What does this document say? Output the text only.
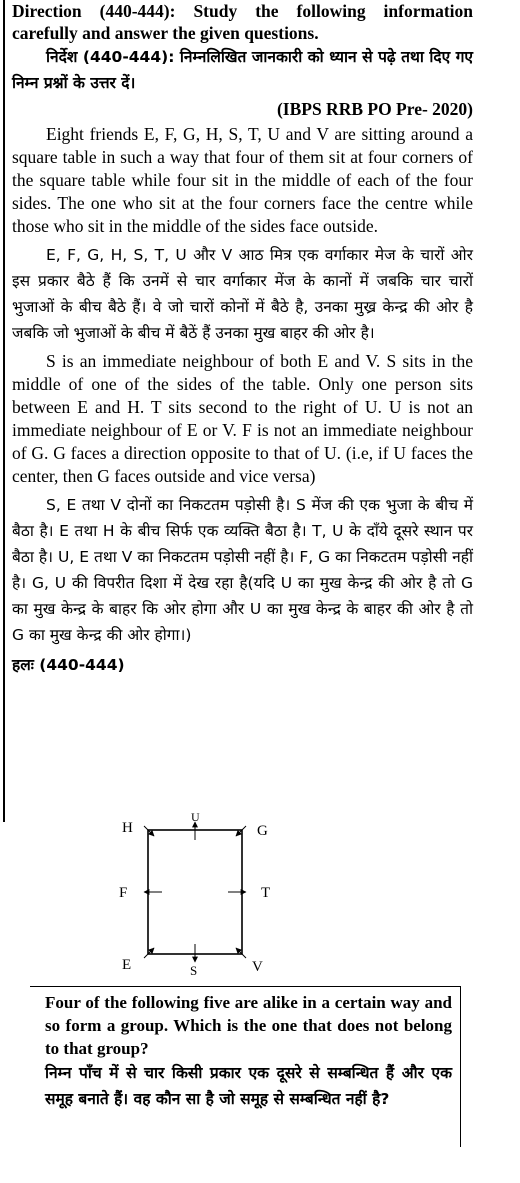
Direction (440-444): Study the following information carefully and answer the given questions.

निर्देश (440-444): निम्नलिखित जानकारी को ध्यान से पढ़े तथा दिए गए निम्न प्रश्नों के उत्तर दें।

(IBPS RRB PO Pre- 2020)

Eight friends E, F, G, H, S, T, U and V are sitting around a square table in such a way that four of them sit at four corners of the square table while four sit in the middle of each of the four sides. The one who sit at the four corners face the centre while those who sit in the middle of the sides face outside.

E, F, G, H, S, T, U और V आठ मित्र एक वर्गाकार मेज के चारों ओर इस प्रकार बैठे हैं कि उनमें से चार वर्गाकार मेंज के कानों में जबकि चार चारों भुजाओं के बीच बैठे हैं। वे जो चारों कोनों में बैठे है, उनका मुख्र केन्द्र की ओर है जबकि जो भुजाओं के बीच में बैठें हैं उनका मुख बाहर की ओर है।

S is an immediate neighbour of both E and V. S sits in the middle of one of the sides of the table. Only one person sits between E and H. T sits second to the right of U. U is not an immediate neighbour of E or V. F is not an immediate neighbour of G. G faces a direction opposite to that of U. (i.e, if U faces the center, then G faces outside and vice versa)

S, E तथा V दोनों का निकटतम पड़ोसी है। S मेंज की एक भुजा के बीच में बैठा है। E तथा H के बीच सिर्फ एक व्यक्ति बैठा है। T, U के दाँये दूसरे स्थान पर बैठा है। U, E तथा V का निकटतम पड़ोसी नहीं है। F, G का निकटतम पड़ोसी नहीं है। G, U की विपरीत दिशा में देख रहा है(यदि U का मुख केन्द्र की ओर है तो G का मुख केन्द्र के बाहर कि ओर होगा और U का मुख केन्द्र के बाहर की ओर है तो G का मुख केन्द्र की ओर होगा।)

हलः (440-444)

H
U
G
F	T
E	S	V

Four of the following five are alike in a certain way and so form a group. Which is the one that does not belong to that group?

निम्न पाँच में से चार किसी प्रकार एक दूसरे से सम्बन्धित हैं और एक समूह बनाते हैं। वह कौन सा है जो समूह से सम्बन्धित नहीं है?
